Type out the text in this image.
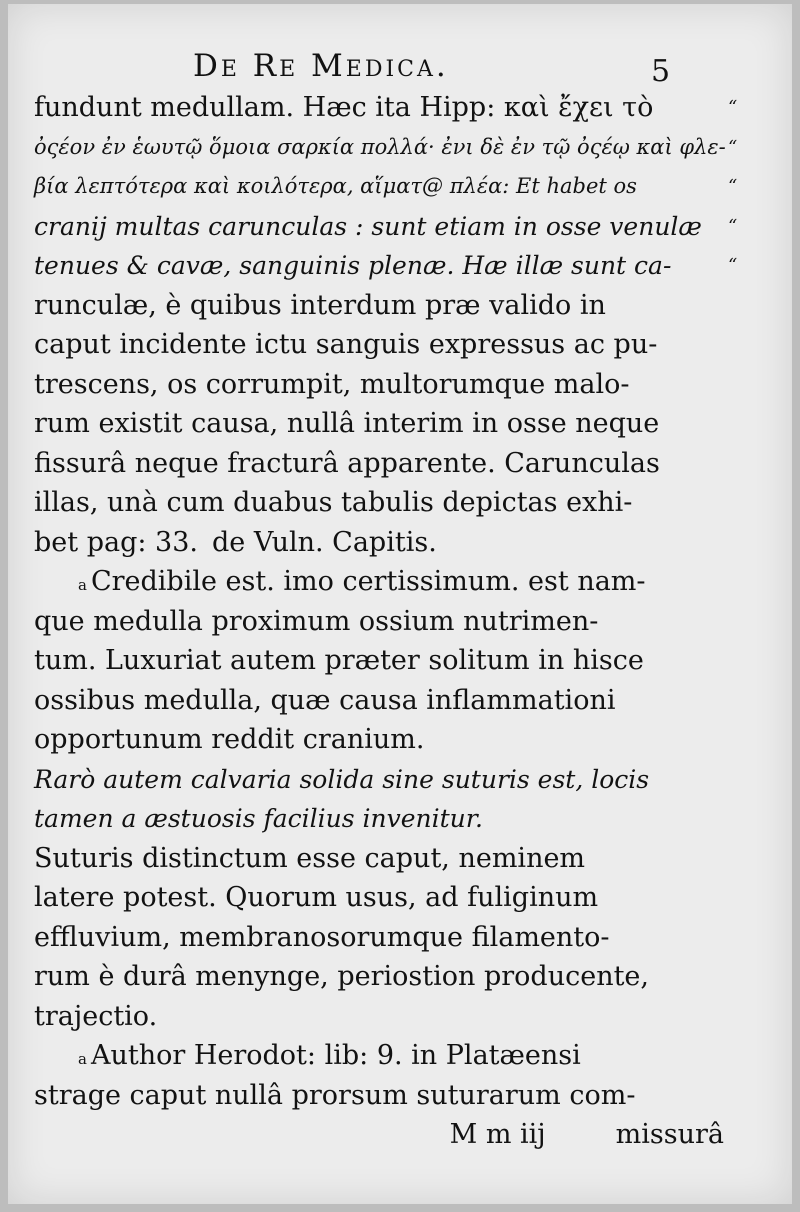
De Re Medica.	5
fundunt medullam. Hæc ita Hipp: καὶ ἔχει τὸ
ὀςέον ἐν ἑωυτῷ ὅμοια σαρκία πολλά· ἐνι δὲ ἐν τῷ ὀςέῳ καὶ φλε-
βία λεπτότερα καὶ κοιλότερα, αἵματ@ πλέα: Et habet os
cranij multas carunculas : sunt etiam in osse venulæ
tenues & cavæ, sanguinis plenæ. Hæ illæ sunt ca-
runculæ, è quibus interdum præ valido in
caput incidente ictu sanguis expressus ac pu-
trescens, os corrumpit, multorumque malo-
rum existit causa, nullâ interim in osse neque
fissurâ neque fracturâ apparente. Carunculas
illas, unà cum duabus tabulis depictas exhi-
bet pag: 33. de Vuln. Capitis.
a Credibile est. imo certissimum. est nam-
que medulla proximum ossium nutrimen-
tum. Luxuriat autem præter solitum in hisce
ossibus medulla, quæ causa inflammationi
opportunum reddit cranium.
Rarò autem calvaria solida sine suturis est, locis
tamen a æstuosis facilius invenitur.
Suturis distinctum esse caput, neminem
latere potest. Quorum usus, ad fuliginum
effluvium, membranosorumque filamento-
rum è durâ menynge, periostion producente,
trajectio.
a Author Herodot: lib: 9. in Platæensi
strage caput nullâ prorsum suturarum com-
M m iij	missurâ
“
“
“
“
“
